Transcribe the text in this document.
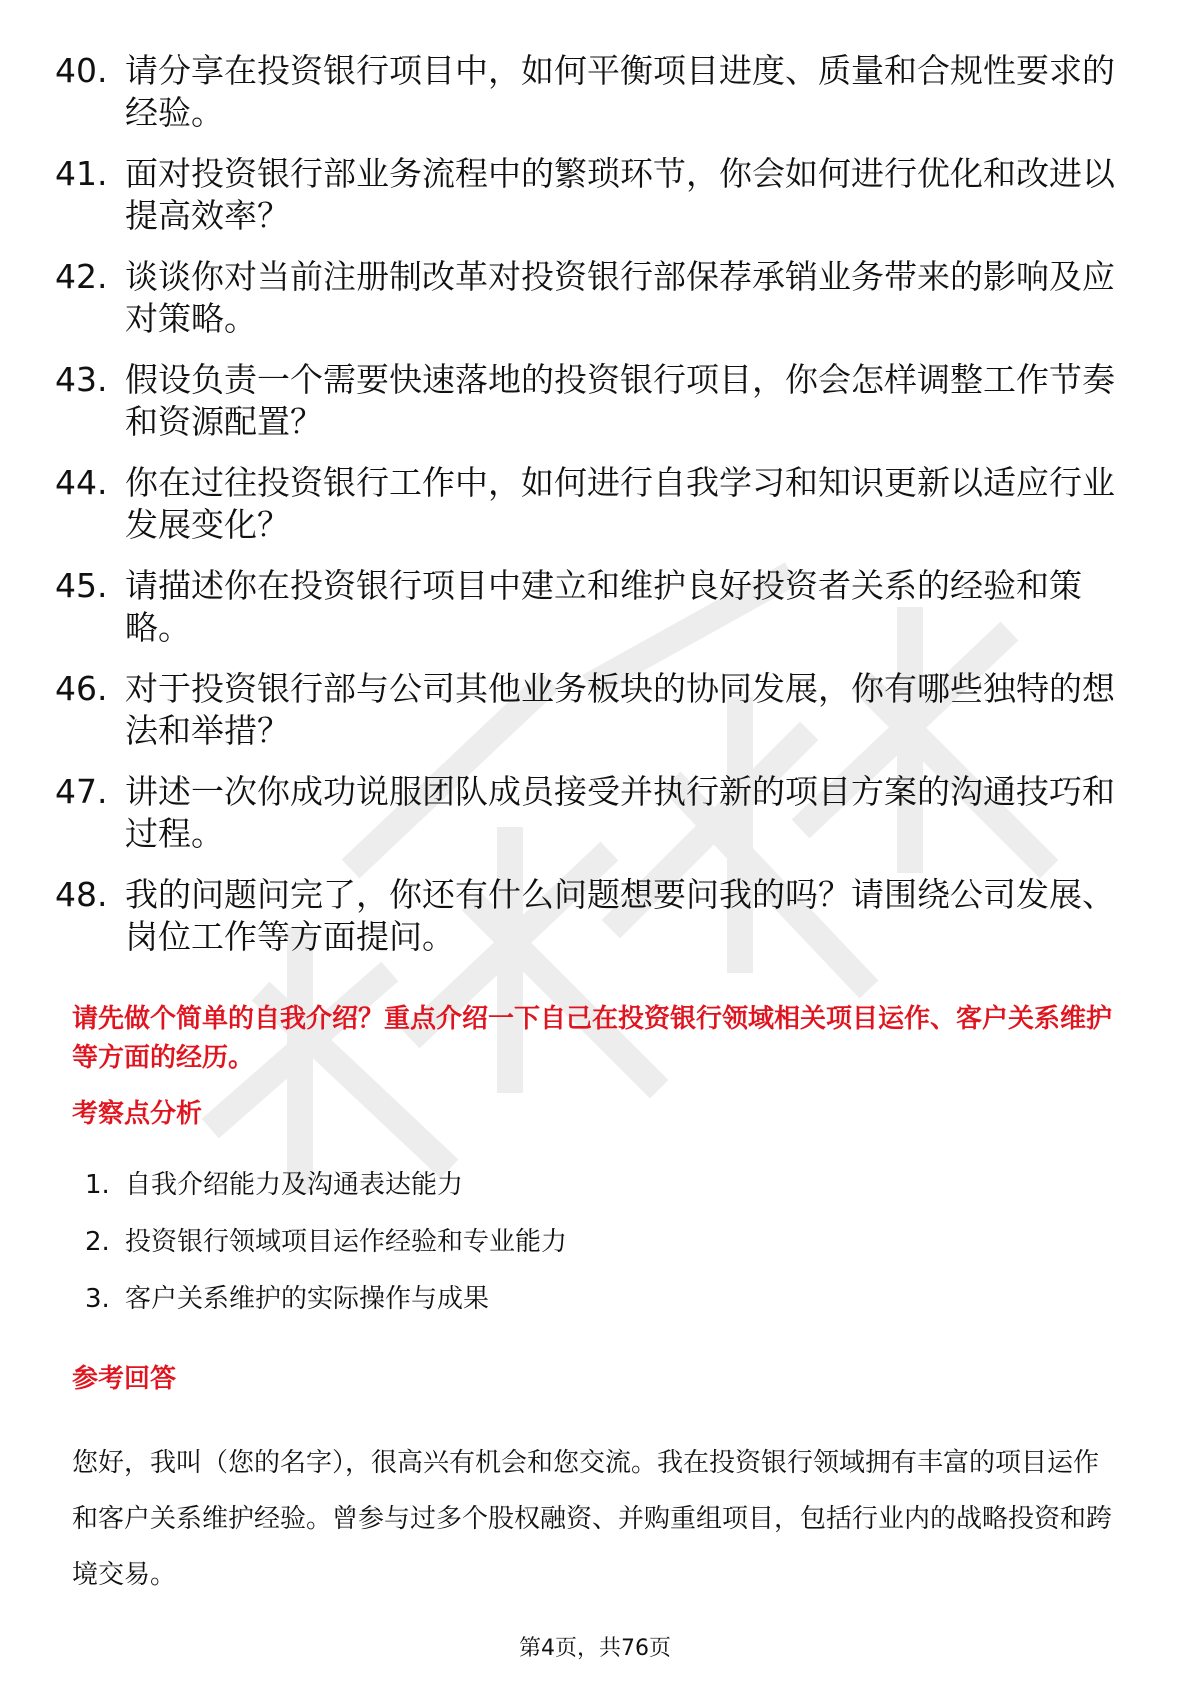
40. 请分享在投资银行项目中，如何平衡项目进度、质量和合规性要求的经验。
41. 面对投资银行部业务流程中的繁琐环节，你会如何进行优化和改进以提高效率？
42. 谈谈你对当前注册制改革对投资银行部保荐承销业务带来的影响及应对策略。
43. 假设负责一个需要快速落地的投资银行项目，你会怎样调整工作节奏和资源配置？
44. 你在过往投资银行工作中，如何进行自我学习和知识更新以适应行业发展变化？
45. 请描述你在投资银行项目中建立和维护良好投资者关系的经验和策略。
46. 对于投资银行部与公司其他业务板块的协同发展，你有哪些独特的想法和举措？
47. 讲述一次你成功说服团队成员接受并执行新的项目方案的沟通技巧和过程。
48. 我的问题问完了，你还有什么问题想要问我的吗？请围绕公司发展、岗位工作等方面提问。

请先做个简单的自我介绍？重点介绍一下自己在投资银行领域相关项目运作、客户关系维护等方面的经历。

考察点分析
1. 自我介绍能力及沟通表达能力
2. 投资银行领域项目运作经验和专业能力
3. 客户关系维护的实际操作与成果
参考回答

您好，我叫（您的名字），很高兴有机会和您交流。我在投资银行领域拥有丰富的项目运作和客户关系维护经验。曾参与过多个股权融资、并购重组项目，包括行业内的战略投资和跨境交易。

第4页，共76页
